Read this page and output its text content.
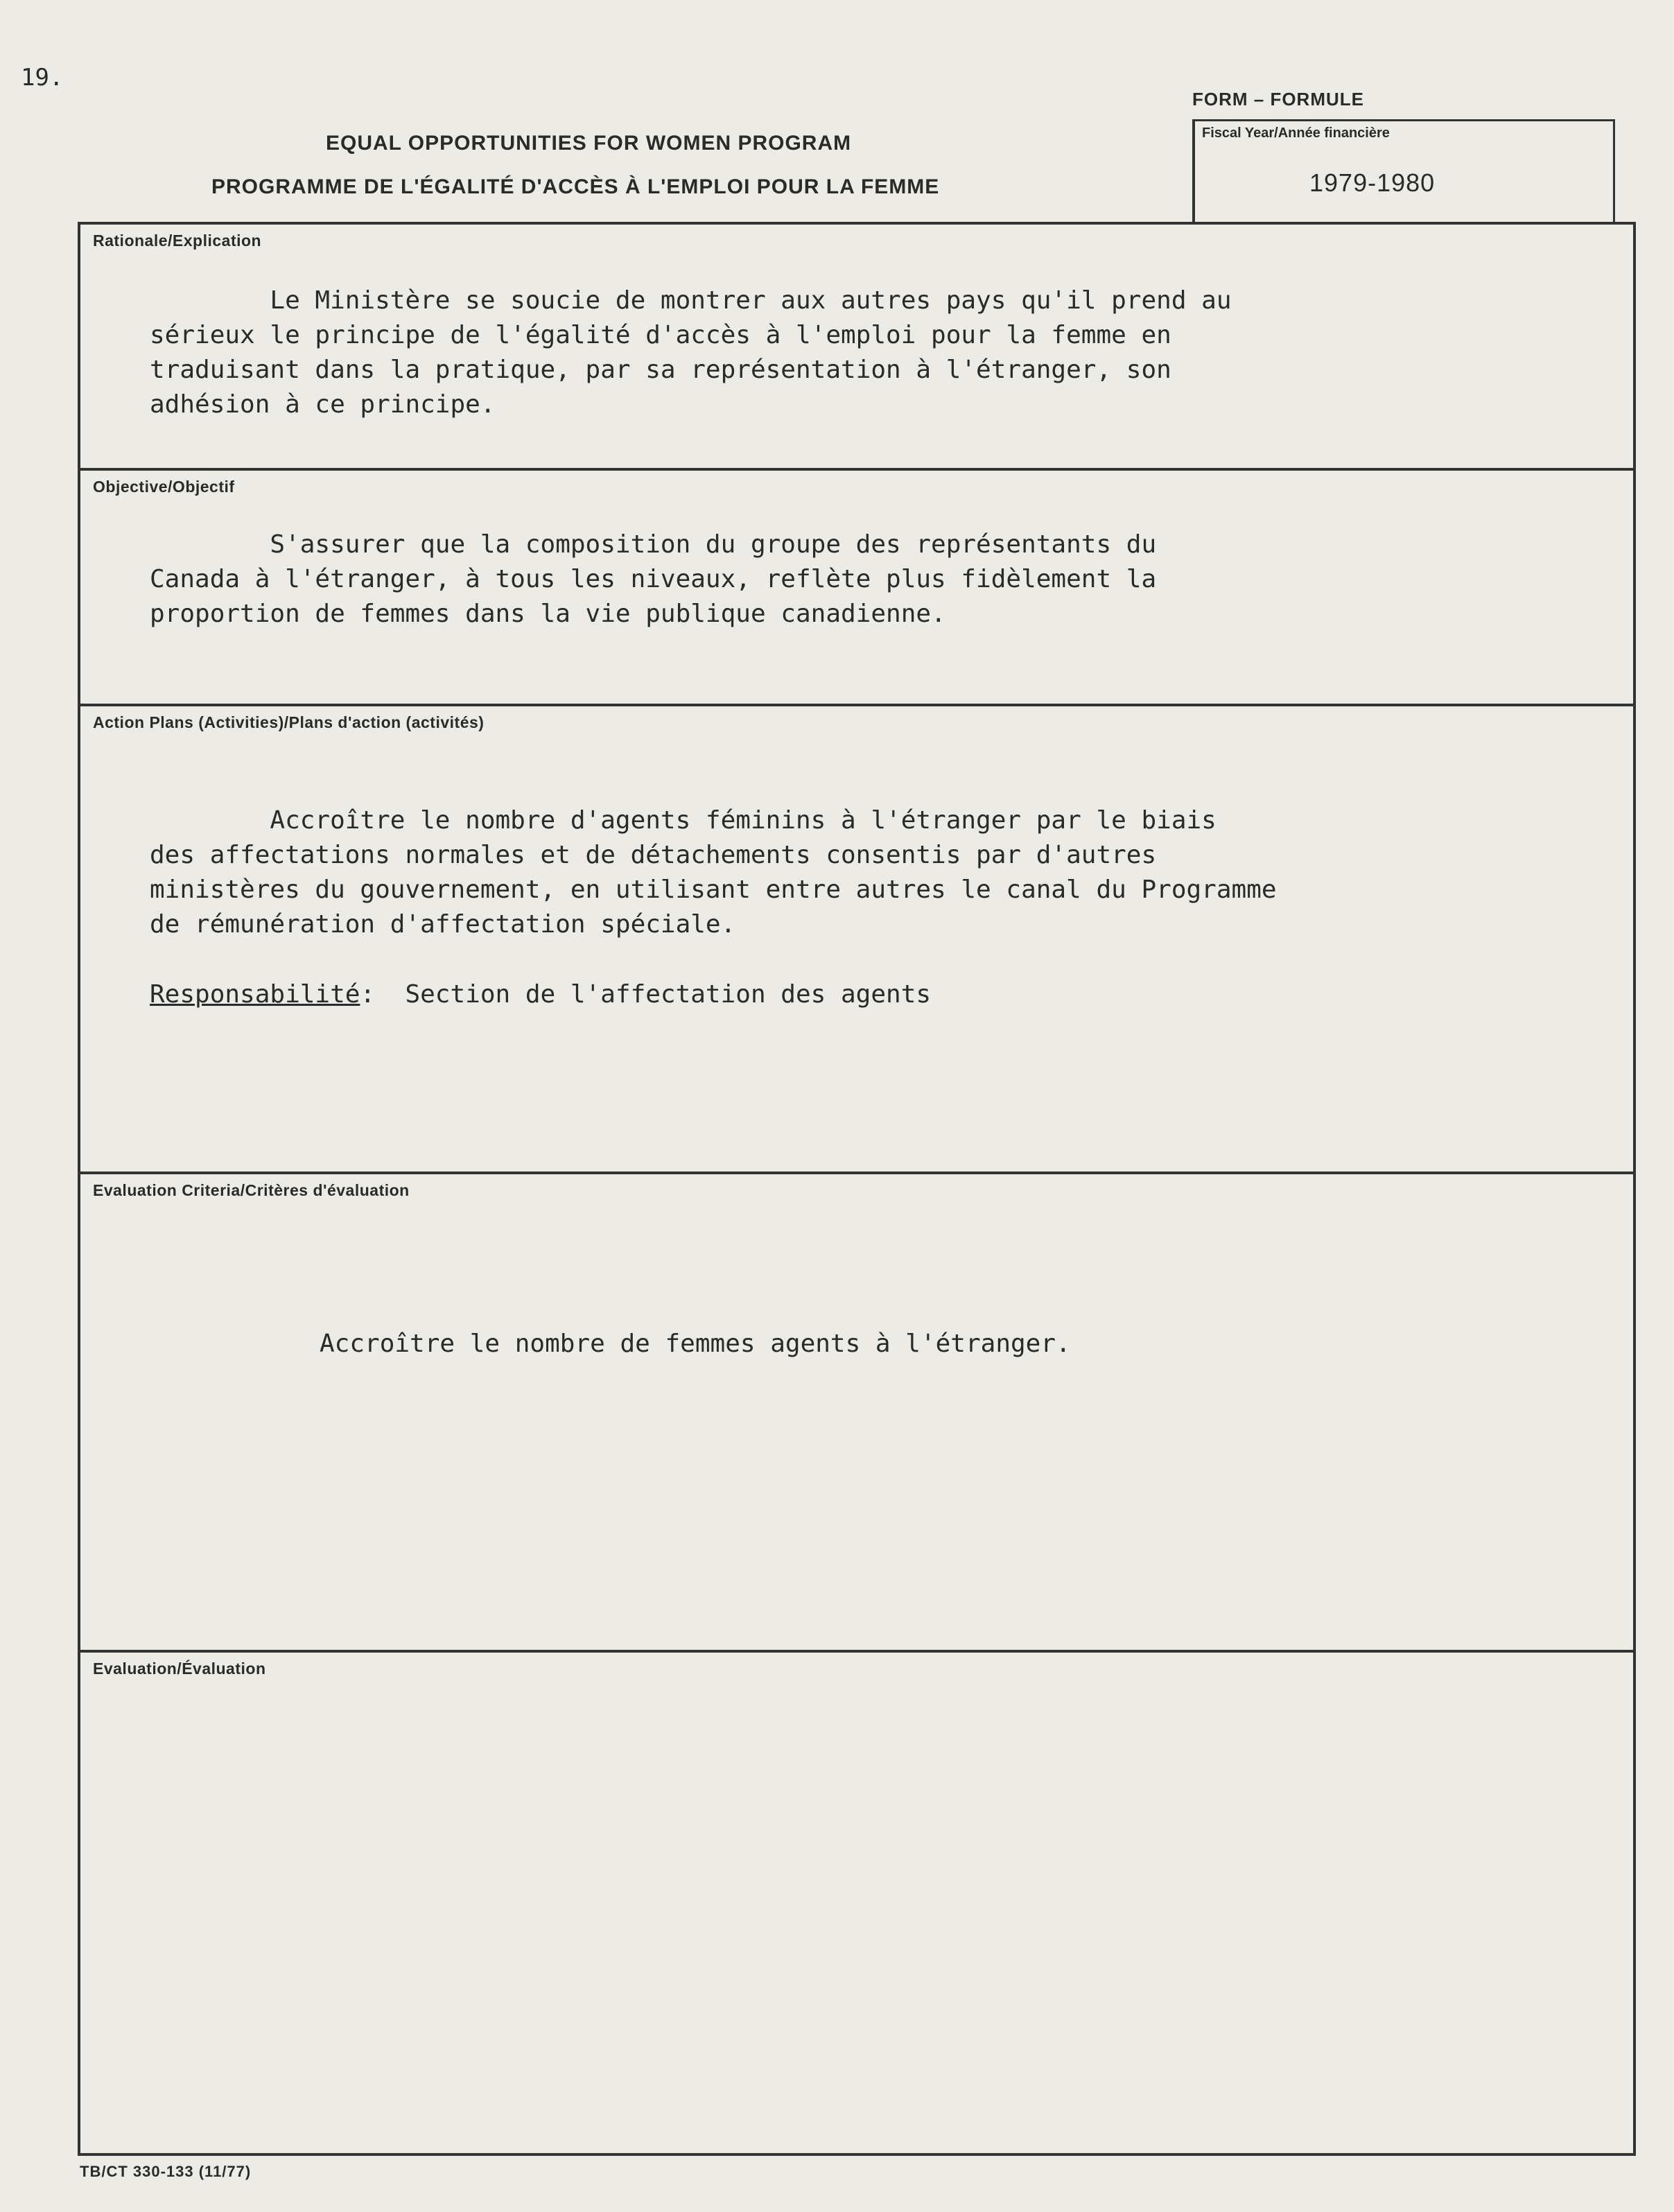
19.
FORM – FORMULE
EQUAL OPPORTUNITIES FOR WOMEN PROGRAM
PROGRAMME DE L'ÉGALITÉ D'ACCÈS À L'EMPLOI POUR LA FEMME
Fiscal Year/Année financière
1979-1980
Rationale/Explication
Le Ministère se soucie de montrer aux autres pays qu'il prend au
sérieux le principe de l'égalité d'accès à l'emploi pour la femme en
traduisant dans la pratique, par sa représentation à l'étranger, son
adhésion à ce principe.
Objective/Objectif
S'assurer que la composition du groupe des représentants du
Canada à l'étranger, à tous les niveaux, reflète plus fidèlement la
proportion de femmes dans la vie publique canadienne.
Action Plans (Activities)/Plans d'action (activités)
Accroître le nombre d'agents féminins à l'étranger par le biais
des affectations normales et de détachements consentis par d'autres
ministères du gouvernement, en utilisant entre autres le canal du Programme
de rémunération d'affectation spéciale.
Responsabilité:  Section de l'affectation des agents
Evaluation Criteria/Critères d'évaluation
Accroître le nombre de femmes agents à l'étranger.
Evaluation/Évaluation
TB/CT 330-133 (11/77)
